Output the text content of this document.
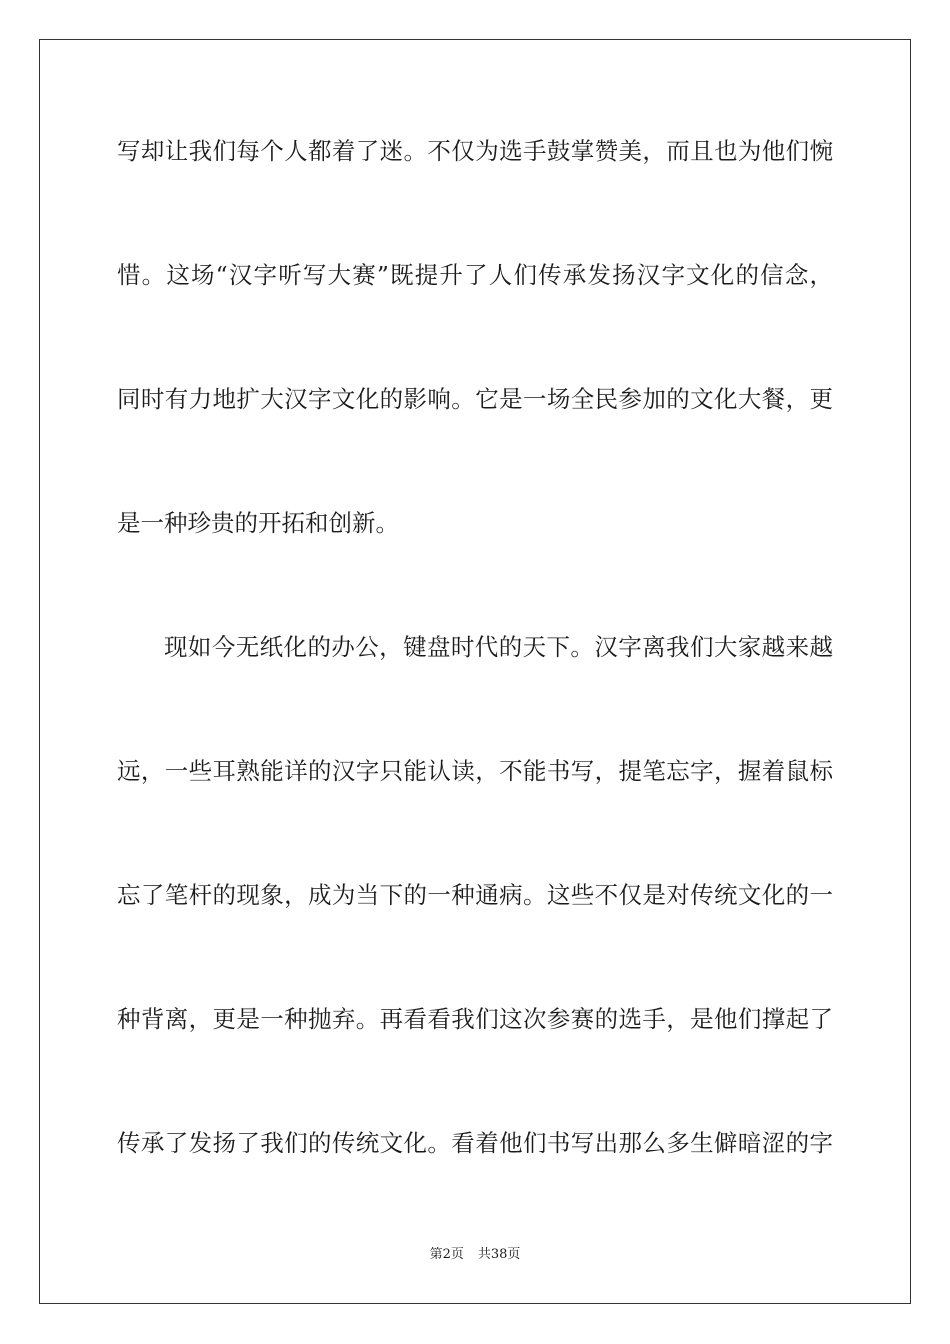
写却让我们每个人都着了迷。不仅为选手鼓掌赞美，而且也为他们惋
惜。这场“汉字听写大赛”既提升了人们传承发扬汉字文化的信念，
同时有力地扩大汉字文化的影响。它是一场全民参加的文化大餐，更
是一种珍贵的开拓和创新。
现如今无纸化的办公，键盘时代的天下。汉字离我们大家越来越
远，一些耳熟能详的汉字只能认读，不能书写，提笔忘字，握着鼠标
忘了笔杆的现象，成为当下的一种通病。这些不仅是对传统文化的一
种背离，更是一种抛弃。再看看我们这次参赛的选手，是他们撑起了
传承了发扬了我们的传统文化。看着他们书写出那么多生僻暗涩的字
第2页 共38页
